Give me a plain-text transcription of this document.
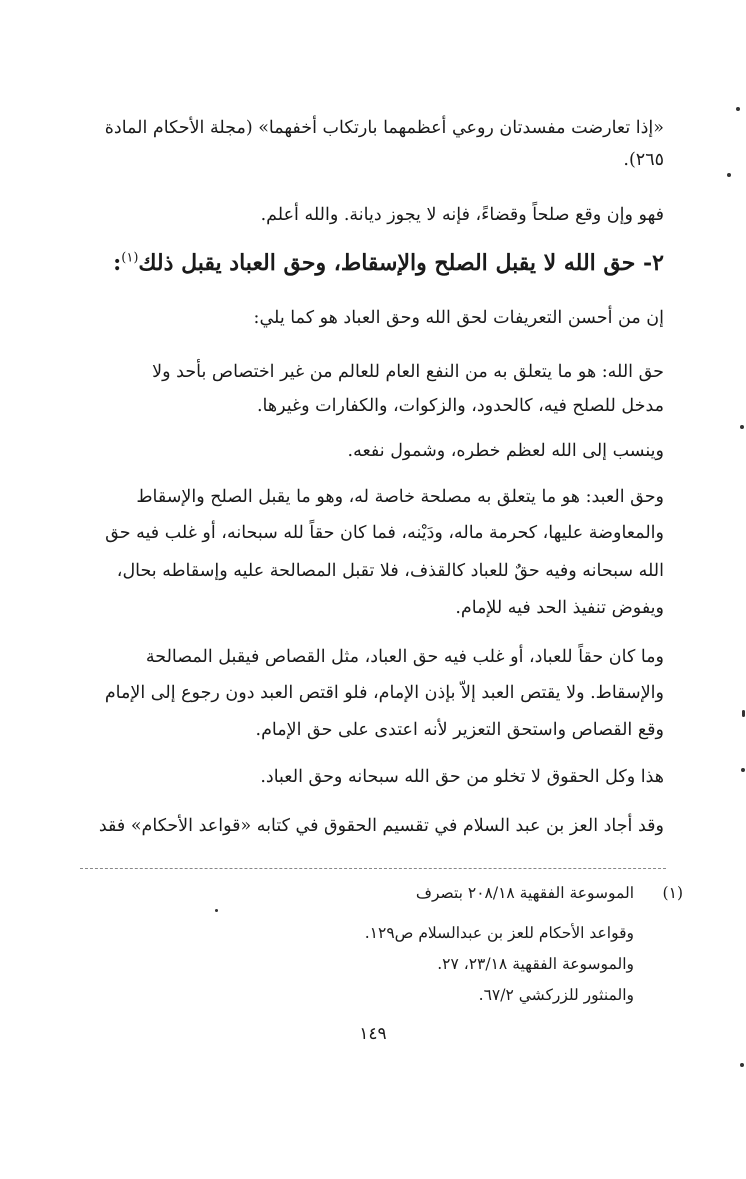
«إذا تعارضت مفسدتان روعي أعظمهما بارتكاب أخفهما» (مجلة الأحكام المادة
٢٦٥).
فهو وإن وقع صلحاً وقضاءً، فإنه لا يجوز ديانة. والله أعلم.
٢- حق الله لا يقبل الصلح والإسقاط، وحق العباد يقبل ذلك$^{(١)}$:
إن من أحسن التعريفات لحق الله وحق العباد هو كما يلي:
حق الله: هو ما يتعلق به من النفع العام للعالم من غير اختصاص بأحد ولا
مدخل للصلح فيه، كالحدود، والزكوات، والكفارات وغيرها.
وينسب إلى الله لعظم خطره، وشمول نفعه.
وحق العبد: هو ما يتعلق به مصلحة خاصة له، وهو ما يقبل الصلح والإسقاط
والمعاوضة عليها، كحرمة ماله، ودَيْنه، فما كان حقاً لله سبحانه، أو غلب فيه حق
الله سبحانه وفيه حقٌ للعباد كالقذف، فلا تقبل المصالحة عليه وإسقاطه بحال،
ويفوض تنفيذ الحد فيه للإمام.
وما كان حقاً للعباد، أو غلب فيه حق العباد، مثل القصاص فيقبل المصالحة
والإسقاط. ولا يقتص العبد إلاّ بإذن الإمام، فلو اقتص العبد دون رجوع إلى الإمام
وقع القصاص واستحق التعزير لأنه اعتدى على حق الإمام.
هذا وكل الحقوق لا تخلو من حق الله سبحانه وحق العباد.
وقد أجاد العز بن عبد السلام في تقسيم الحقوق في كتابه «قواعد الأحكام» فقد
(١)
الموسوعة الفقهية ٢٠٨/١٨ بتصرف
وقواعد الأحكام للعز بن عبدالسلام ص١٢٩.
والموسوعة الفقهية ٢٣/١٨، ٢٧.
والمنثور للزركشي ٦٧/٢.
١٤٩
